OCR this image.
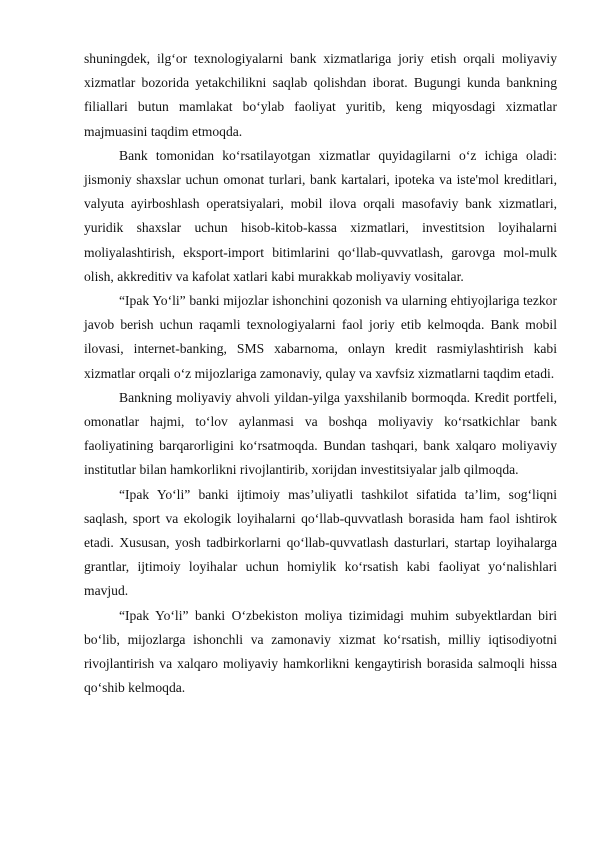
shuningdek, ilg‘or texnologiyalarni bank xizmatlariga joriy etish orqali moliyaviy xizmatlar bozorida yetakchilikni saqlab qolishdan iborat. Bugungi kunda bankning filiallari butun mamlakat bo‘ylab faoliyat yuritib, keng miqyosdagi xizmatlar majmuasini taqdim etmoqda.

Bank tomonidan ko‘rsatilayotgan xizmatlar quyidagilarni o‘z ichiga oladi: jismoniy shaxslar uchun omonat turlari, bank kartalari, ipoteka va iste'mol kreditlari, valyuta ayirboshlash operatsiyalari, mobil ilova orqali masofaviy bank xizmatlari, yuridik shaxslar uchun hisob-kitob-kassa xizmatlari, investitsion loyihalarni moliyalashtirish, eksport-import bitimlarini qo‘llab-quvvatlash, garovga mol-mulk olish, akkreditiv va kafolat xatlari kabi murakkab moliyaviy vositalar.

“Ipak Yo‘li” banki mijozlar ishonchini qozonish va ularning ehtiyojlariga tezkor javob berish uchun raqamli texnologiyalarni faol joriy etib kelmoqda. Bank mobil ilovasi, internet-banking, SMS xabarnoma, onlayn kredit rasmiylashtirish kabi xizmatlar orqali o‘z mijozlariga zamonaviy, qulay va xavfsiz xizmatlarni taqdim etadi.

Bankning moliyaviy ahvoli yildan-yilga yaxshilanib bormoqda. Kredit portfeli, omonatlar hajmi, to‘lov aylanmasi va boshqa moliyaviy ko‘rsatkichlar bank faoliyatining barqarorligini ko‘rsatmoqda. Bundan tashqari, bank xalqaro moliyaviy institutlar bilan hamkorlikni rivojlantirib, xorijdan investitsiyalar jalb qilmoqda.

“Ipak Yo‘li” banki ijtimoiy mas’uliyatli tashkilot sifatida ta’lim, sog‘liqni saqlash, sport va ekologik loyihalarni qo‘llab-quvvatlash borasida ham faol ishtirok etadi. Xususan, yosh tadbirkorlarni qo‘llab-quvvatlash dasturlari, startap loyihalarga grantlar, ijtimoiy loyihalar uchun homiylik ko‘rsatish kabi faoliyat yo‘nalishlari mavjud.

“Ipak Yo‘li” banki O‘zbekiston moliya tizimidagi muhim subyektlardan biri bo‘lib, mijozlarga ishonchli va zamonaviy xizmat ko‘rsatish, milliy iqtisodiyotni rivojlantirish va xalqaro moliyaviy hamkorlikni kengaytirish borasida salmoqli hissa qo‘shib kelmoqda.
